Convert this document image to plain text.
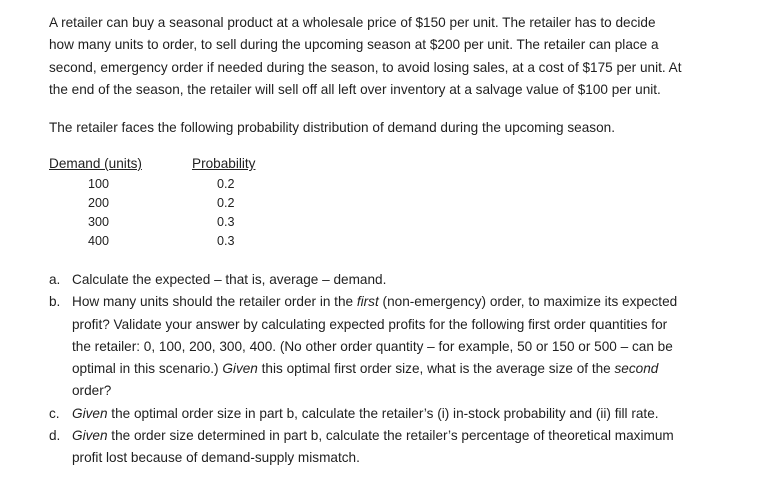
A retailer can buy a seasonal product at a wholesale price of $150 per unit. The retailer has to decide
how many units to order, to sell during the upcoming season at $200 per unit. The retailer can place a
second, emergency order if needed during the season, to avoid losing sales, at a cost of $175 per unit. At
the end of the season, the retailer will sell off all left over inventory at a salvage value of $100 per unit.
The retailer faces the following probability distribution of demand during the upcoming season.
Demand (units)	Probability
100	0.2
200	0.2
300	0.3
400	0.3
a. Calculate the expected – that is, average – demand.
b. How many units should the retailer order in the first (non-emergency) order, to maximize its expected
profit? Validate your answer by calculating expected profits for the following first order quantities for
the retailer: 0, 100, 200, 300, 400. (No other order quantity – for example, 50 or 150 or 500 – can be
optimal in this scenario.) Given this optimal first order size, what is the average size of the second
order?
c. Given the optimal order size in part b, calculate the retailer’s (i) in-stock probability and (ii) fill rate.
d. Given the order size determined in part b, calculate the retailer’s percentage of theoretical maximum
profit lost because of demand-supply mismatch.
